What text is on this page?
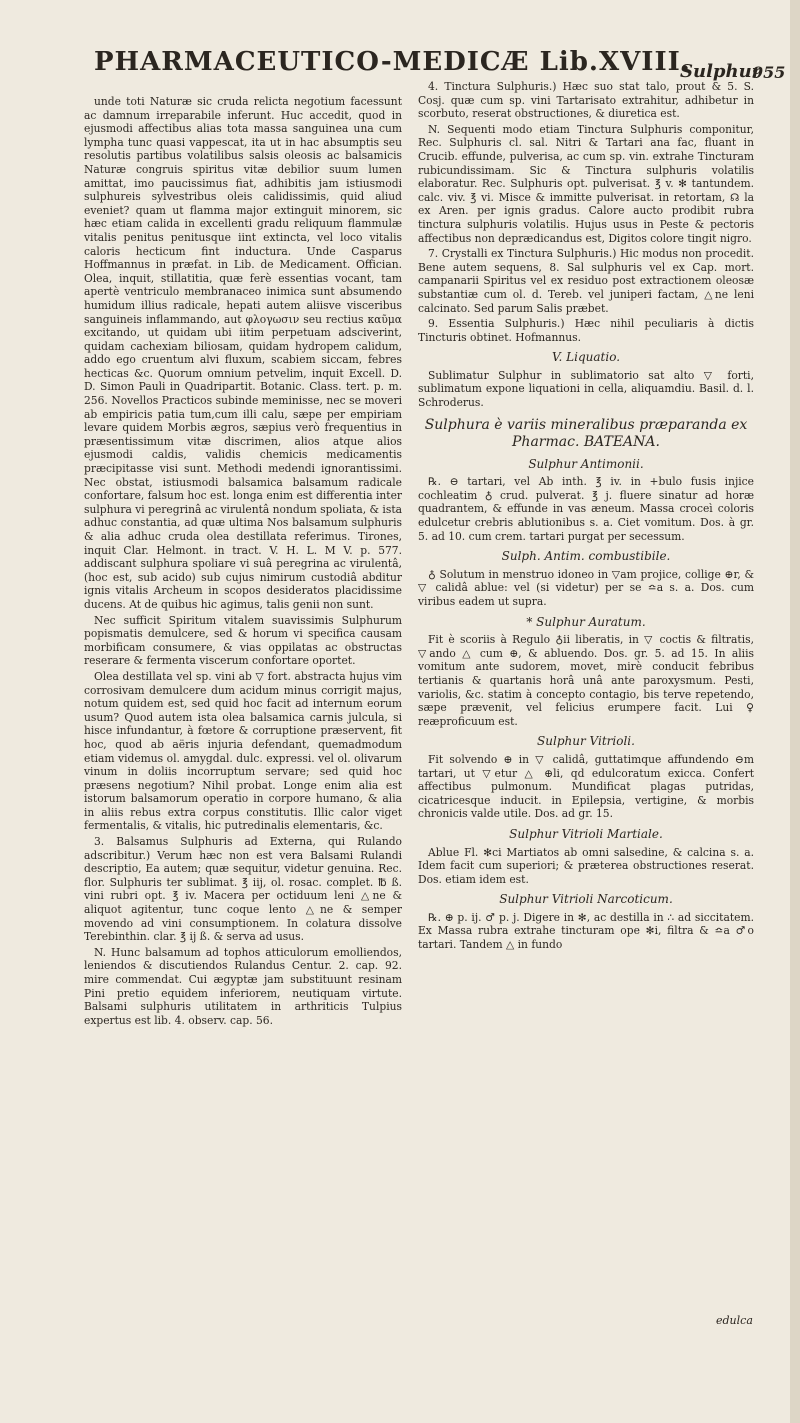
PHARMACEUTICO-MEDICÆ Lib.XVIII.
Sulphur
955

unde toti Naturæ sic cruda relicta negotium facessunt ac damnum irreparabile inferunt. Huc accedit, quod in ejusmodi affectibus alias tota massa sanguinea una cum lympha tunc quasi vappescat, ita ut in hac absumptis seu resolutis partibus volatilibus salsis oleosis ac balsamicis Naturæ congruis spiritus vitæ debilior suum lumen amittat, imo paucissimus fiat, adhibitis jam istiusmodi sulphureis sylvestribus oleis calidissimis, quid aliud eveniet? quam ut flamma major extinguit minorem, sic hæc etiam calida in excellenti gradu reliquum flammulæ vitalis penitus penitusque iint extincta, vel loco vitalis caloris hecticum fint inductura. Unde Casparus Hoffmannus in præfat. in Lib. de Medicament. Offician. Olea, inquit, stillatitia, quæ ferè essentias vocant, tam apertè ventriculo membranaceo inimica sunt absumendo humidum illius radicale, hepati autem aliisve visceribus sanguineis inflammando, aut φλογωσιν seu rectius καῦμα excitando, ut quidam ubi iitim perpetuam adsciverint, quidam cachexiam biliosam, quidam hydropem calidum, addo ego cruentum alvi fluxum, scabiem siccam, febres hecticas &c. Quorum omnium petvelim, inquit Excell. D. D. Simon Pauli in Quadripartit. Botanic. Class. tert. p. m. 256. Novellos Practicos subinde meminisse, nec se moveri ab empiricis patia tum,cum illi calu, sæpe per empiriam levare quidem Morbis ægros, sæpius verò frequentius in præsentissimum vitæ discrimen, alios atque alios ejusmodi caldis, validis chemicis medicamentis præcipitasse visi sunt. Methodi medendi ignorantissimi. Nec obstat, istiusmodi balsamica balsamum radicale confortare, falsum hoc est. longa enim est differentia inter sulphura vi peregrinâ ac virulentâ nondum spoliata, & ista adhuc constantia, ad quæ ultima Nos balsamum sulphuris & alia adhuc cruda olea destillata referimus. Tirones, inquit Clar. Helmont. in tract. V. H. L. M V. p. 577. addiscant sulphura spoliare vi suâ peregrina ac virulentâ, (hoc est, sub acido) sub cujus nimirum custodiâ abditur ignis vitalis Archeum in scopos desideratos placidissime ducens. At de quibus hic agimus, talis genii non sunt.

Nec sufficit Spiritum vitalem suavissimis Sulphurum popismatis demulcere, sed & horum vi specifica causam morbificam consumere, & vias oppilatas ac obstructas reserare & fermenta viscerum confortare oportet.

Olea destillata vel sp. vini ab ▽ fort. abstracta hujus vim corrosivam demulcere dum acidum minus corrigit majus, notum quidem est, sed quid hoc facit ad internum eorum usum? Quod autem ista olea balsamica carnis julcula, si hisce infundantur, à fœtore & corruptione præservent, fit hoc, quod ab aëris injuria defendant, quemadmodum etiam videmus ol. amygdal. dulc. expressi. vel ol. olivarum vinum in doliis incorruptum servare; sed quid hoc præsens negotium? Nihil probat. Longe enim alia est istorum balsamorum operatio in corpore humano, & alia in aliis rebus extra corpus constitutis. Illic calor viget fermentalis, & vitalis, hic putredinalis elementaris, &c.

3. Balsamus Sulphuris ad Externa, qui Rulando adscribitur.) Verum hæc non est vera Balsami Rulandi descriptio, Ea autem; quæ sequitur, videtur genuina. Rec. flor. Sulphuris ter sublimat. ℥ iij, ol. rosac. complet. ℔ ß. vini rubri opt. ℥ iv. Macera per octiduum leni △ne & aliquot agitentur, tunc coque lento △ne & semper movendo ad vini consumptionem. In colatura dissolve Terebinthin. clar. ℥ ij ß. & serva ad usus.

N. Hunc balsamum ad tophos atticulorum emolliendos, leniendos & discutiendos Rulandus Centur. 2. cap. 92. mire commendat. Cui ægyptæ jam substituunt resinam Pini pretio equidem inferiorem, neutiquam virtute. Balsami sulphuris utilitatem in arthriticis Tulpius expertus est lib. 4. observ. cap. 56.

4. Tinctura Sulphuris.) Hæc suo stat talo, prout & 5. S. Cosj. quæ cum sp. vini Tartarisato extrahitur, adhibetur in scorbuto, reserat obstructiones, & diuretica est.

N. Sequenti modo etiam Tinctura Sulphuris componitur, Rec. Sulphuris cl. sal. Nitri & Tartari ana fac, fluant in Crucib. effunde, pulverisa, ac cum sp. vin. extrahe Tincturam rubicundissimam. Sic & Tinctura sulphuris volatilis elaboratur. Rec. Sulphuris opt. pulverisat. ℥ v. ✻ tantundem. calc. viv. ℥ vi. Misce & immitte pulverisat. in retortam, ☊ la ex Aren. per ignis gradus. Calore aucto prodibit rubra tinctura sulphuris volatilis. Hujus usus in Peste & pectoris affectibus non deprædicandus est, Digitos colore tingit nigro.

7. Crystalli ex Tinctura Sulphuris.) Hic modus non procedit. Bene autem sequens, 8. Sal sulphuris vel ex Cap. mort. campanarii Spiritus vel ex residuo post extractionem oleosæ substantiæ cum ol. d. Tereb. vel juniperi factam, △ne leni calcinato. Sed parum Salis præbet.

9. Essentia Sulphuris.) Hæc nihil peculiaris à dictis Tincturis obtinet. Hofmannus.

V. Liquatio.

Sublimatur Sulphur in sublimatorio sat alto ▽ forti, sublimatum expone liquationi in cella, aliquamdiu. Basil. d. l. Schroderus.

Sulphura è variis mineralibus præparanda ex Pharmac. BATEANA.
Sulphur Antimonii.

℞. ⊖ tartari, vel Ab inth. ℥ iv. in +bulo fusis injice cochleatim ♁ crud. pulverat. ℥ j. fluere sinatur ad horæ quadrantem, & effunde in vas æneum. Massa croceì coloris edulcetur crebris ablutionibus s. a. Ciet vomitum. Dos. à gr. 5. ad 10. cum crem. tartari purgat per secessum.

Sulph. Antim. combustibile.

♁ Solutum in menstruo idoneo in ▽am projice, collige ⊕r, & ▽ calidâ ablue: vel (si videtur) per se ≏a s. a. Dos. cum viribus eadem ut supra.

* Sulphur Auratum.

Fit è scoriis à Regulo ♁ii liberatis, in ▽ coctis & filtratis, ▽ando △ cum ⊕, & abluendo. Dos. gr. 5. ad 15. In aliis vomitum ante sudorem, movet, mirè conducit febribus tertianis & quartanis horâ unâ ante paroxysmum. Pesti, variolis, &c. statim à concepto contagio, bis terve repetendo, sæpe prævenit, vel felicius erumpere facit. Lui ♀ reæproficuum est.

Sulphur Vitrioli.

Fit solvendo ⊕ in ▽ calidâ, guttatimque affundendo ⊖m tartari, ut ▽etur △ ⊕li, qd edulcoratum exicca. Confert affectibus pulmonum. Mundificat plagas putridas, cicatricesque inducit. in Epilepsia, vertigine, & morbis chronicis valde utile. Dos. ad gr. 15.

Sulphur Vitrioli Martiale.

Ablue Fl. ✻ci Martiatos ab omni salsedine, & calcina s. a. Idem facit cum superiori; & præterea obstructiones reserat. Dos. etiam idem est.

Sulphur Vitrioli Narcoticum.

℞. ⊕ p. ij. ♂ p. j. Digere in ✻, ac destilla in ∴ ad siccitatem. Ex Massa rubra extrahe tincturam ope ✻i, filtra & ≏a ♂o tartari. Tandem △ in fundo

edulca
